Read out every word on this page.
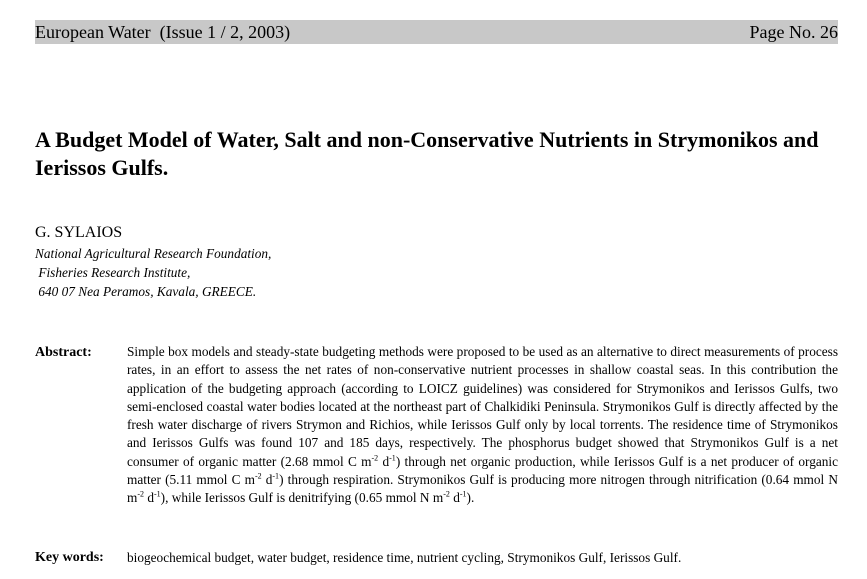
European Water  (Issue 1 / 2, 2003)	Page No. 26
A Budget Model of Water, Salt and non-Conservative Nutrients in Strymonikos and Ierissos Gulfs.
G. SYLAIOS
National Agricultural Research Foundation,
Fisheries Research Institute,
640 07 Nea Peramos, Kavala, GREECE.
Abstract:	Simple box models and steady-state budgeting methods were proposed to be used as an alternative to direct measurements of process rates, in an effort to assess the net rates of non-conservative nutrient processes in shallow coastal seas. In this contribution the application of the budgeting approach (according to LOICZ guidelines) was considered for Strymonikos and Ierissos Gulfs, two semi-enclosed coastal water bodies located at the northeast part of Chalkidiki Peninsula. Strymonikos Gulf is directly affected by the fresh water discharge of rivers Strymon and Richios, while Ierissos Gulf only by local torrents. The residence time of Strymonikos and Ierissos Gulfs was found 107 and 185 days, respectively. The phosphorus budget showed that Strymonikos Gulf is a net consumer of organic matter (2.68 mmol C $m^{-2}$ $d^{-1}$) through net organic production, while Ierissos Gulf is a net producer of organic matter (5.11 mmol C $m^{-2}$ $d^{-1}$) through respiration. Strymonikos Gulf is producing more nitrogen through nitrification (0.64 mmol N $m^{-2}$ $d^{-1}$), while Ierissos Gulf is denitrifying (0.65 mmol N $m^{-2}$ $d^{-1}$).
Key words: biogeochemical budget, water budget, residence time, nutrient cycling, Strymonikos Gulf, Ierissos Gulf.
